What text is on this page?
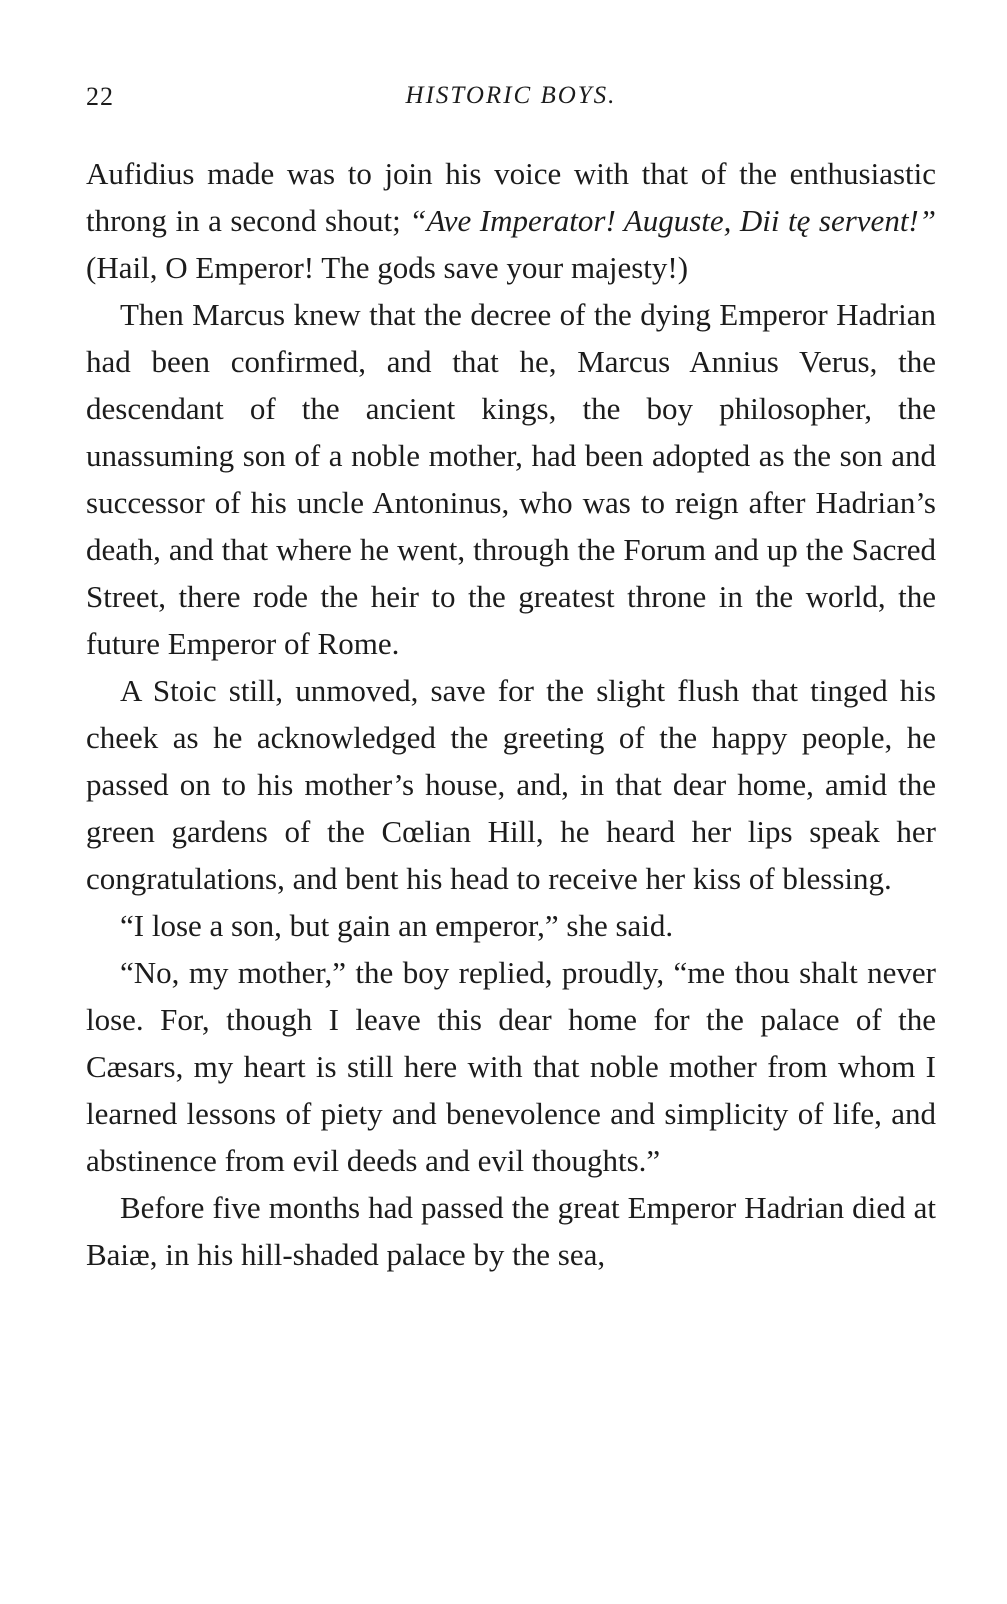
22	HISTORIC BOYS.

Aufidius made was to join his voice with that of the enthusiastic throng in a second shout; “Ave Imperator! Auguste, Dii tę servent!” (Hail, O Emperor! The gods save your majesty!)

Then Marcus knew that the decree of the dying Emperor Hadrian had been confirmed, and that he, Marcus Annius Verus, the descendant of the ancient kings, the boy philosopher, the unassuming son of a noble mother, had been adopted as the son and successor of his uncle Antoninus, who was to reign after Hadrian’s death, and that where he went, through the Forum and up the Sacred Street, there rode the heir to the greatest throne in the world, the future Emperor of Rome.

A Stoic still, unmoved, save for the slight flush that tinged his cheek as he acknowledged the greeting of the happy people, he passed on to his mother’s house, and, in that dear home, amid the green gardens of the Cœlian Hill, he heard her lips speak her congratulations, and bent his head to receive her kiss of blessing.

“I lose a son, but gain an emperor,” she said.

“No, my mother,” the boy replied, proudly, “me thou shalt never lose. For, though I leave this dear home for the palace of the Cæsars, my heart is still here with that noble mother from whom I learned lessons of piety and benevolence and simplicity of life, and abstinence from evil deeds and evil thoughts.”

Before five months had passed the great Emperor Hadrian died at Baiæ, in his hill-shaded palace by the sea,
